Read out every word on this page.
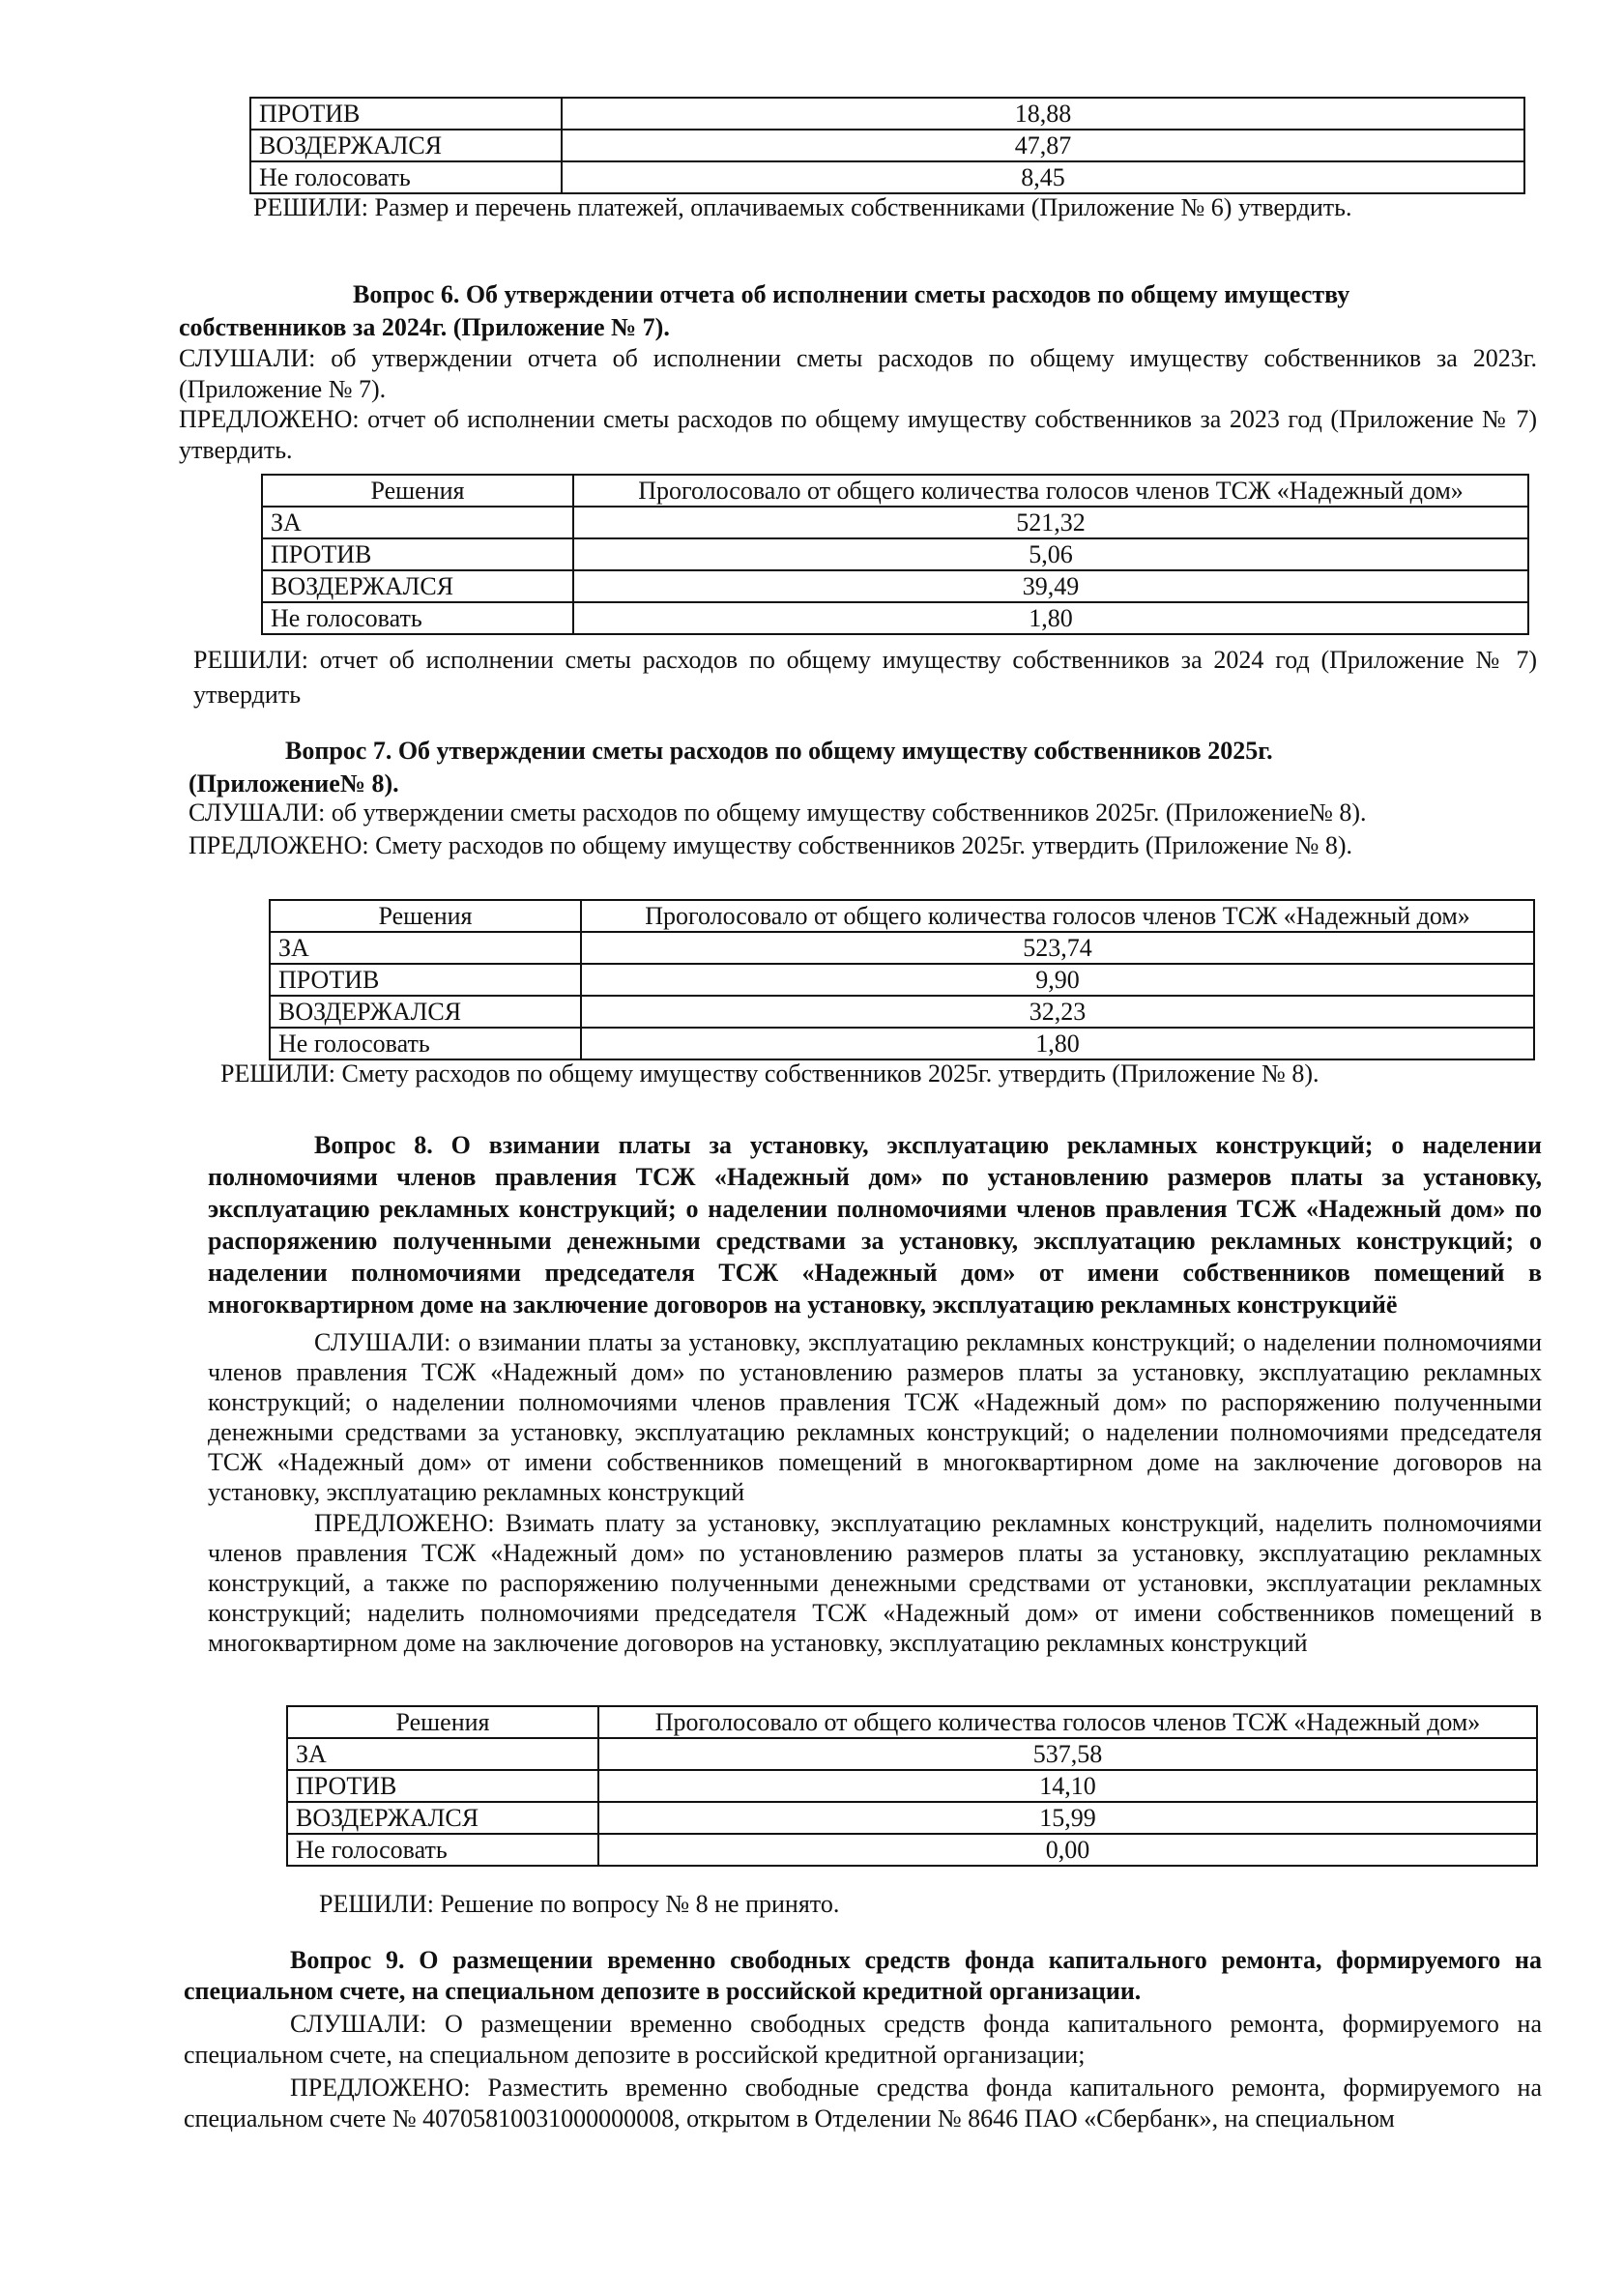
ПРОТИВ	18,88
ВОЗДЕРЖАЛСЯ	47,87
Не голосовать	8,45
РЕШИЛИ: Размер и перечень платежей, оплачиваемых собственниками (Приложение № 6) утвердить.
Вопрос 6. Об утверждении отчета об исполнении сметы расходов по общему имуществу
собственников за 2024г. (Приложение № 7).
СЛУШАЛИ: об утверждении отчета об исполнении сметы расходов по общему имуществу собственников за 2023г. (Приложение № 7).
ПРЕДЛОЖЕНО: отчет об исполнении сметы расходов по общему имуществу собственников за 2023 год (Приложение № 7) утвердить.
Решения	Проголосовало от общего количества голосов членов ТСЖ «Надежный дом»
ЗА	521,32
ПРОТИВ	5,06
ВОЗДЕРЖАЛСЯ	39,49
Не голосовать	1,80
РЕШИЛИ: отчет об исполнении сметы расходов по общему имуществу собственников за 2024 год (Приложение № 7) утвердить
Вопрос 7. Об утверждении сметы расходов по общему имуществу собственников 2025г.
(Приложение№ 8).
СЛУШАЛИ: об утверждении сметы расходов по общему имуществу собственников 2025г. (Приложение№ 8).
ПРЕДЛОЖЕНО: Смету расходов по общему имуществу собственников 2025г. утвердить (Приложение № 8).
Решения	Проголосовало от общего количества голосов членов ТСЖ «Надежный дом»
ЗА	523,74
ПРОТИВ	9,90
ВОЗДЕРЖАЛСЯ	32,23
Не голосовать	1,80
РЕШИЛИ: Смету расходов по общему имуществу собственников 2025г. утвердить (Приложение № 8).
Вопрос 8. О взимании платы за установку, эксплуатацию рекламных конструкций; о наделении полномочиями членов правления ТСЖ «Надежный дом» по установлению размеров платы за установку, эксплуатацию рекламных конструкций; о наделении полномочиями членов правления ТСЖ «Надежный дом» по распоряжению полученными денежными средствами за установку, эксплуатацию рекламных конструкций; о наделении полномочиями председателя ТСЖ «Надежный дом» от имени собственников помещений в многоквартирном доме на заключение договоров на установку, эксплуатацию рекламных конструкцийё
СЛУШАЛИ: о взимании платы за установку, эксплуатацию рекламных конструкций; о наделении полномочиями членов правления ТСЖ «Надежный дом» по установлению размеров платы за установку, эксплуатацию рекламных конструкций; о наделении полномочиями членов правления ТСЖ «Надежный дом» по распоряжению полученными денежными средствами за установку, эксплуатацию рекламных конструкций; о наделении полномочиями председателя ТСЖ «Надежный дом» от имени собственников помещений в многоквартирном доме на заключение договоров на установку, эксплуатацию рекламных конструкций
ПРЕДЛОЖЕНО: Взимать плату за установку, эксплуатацию рекламных конструкций, наделить полномочиями членов правления ТСЖ «Надежный дом» по установлению размеров платы за установку, эксплуатацию рекламных конструкций, а также по распоряжению полученными денежными средствами от установки, эксплуатации рекламных конструкций; наделить полномочиями председателя ТСЖ «Надежный дом» от имени собственников помещений в многоквартирном доме на заключение договоров на установку, эксплуатацию рекламных конструкций
Решения	Проголосовало от общего количества голосов членов ТСЖ «Надежный дом»
ЗА	537,58
ПРОТИВ	14,10
ВОЗДЕРЖАЛСЯ	15,99
Не голосовать	0,00
РЕШИЛИ: Решение по вопросу № 8 не принято.
Вопрос 9. О размещении временно свободных средств фонда капитального ремонта, формируемого на специальном счете, на специальном депозите в российской кредитной организации.
СЛУШАЛИ: О размещении временно свободных средств фонда капитального ремонта, формируемого на специальном счете, на специальном депозите в российской кредитной организации;
ПРЕДЛОЖЕНО: Разместить временно свободные средства фонда капитального ремонта, формируемого на специальном счете № 40705810031000000008, открытом в Отделении № 8646 ПАО «Сбербанк», на специальном
